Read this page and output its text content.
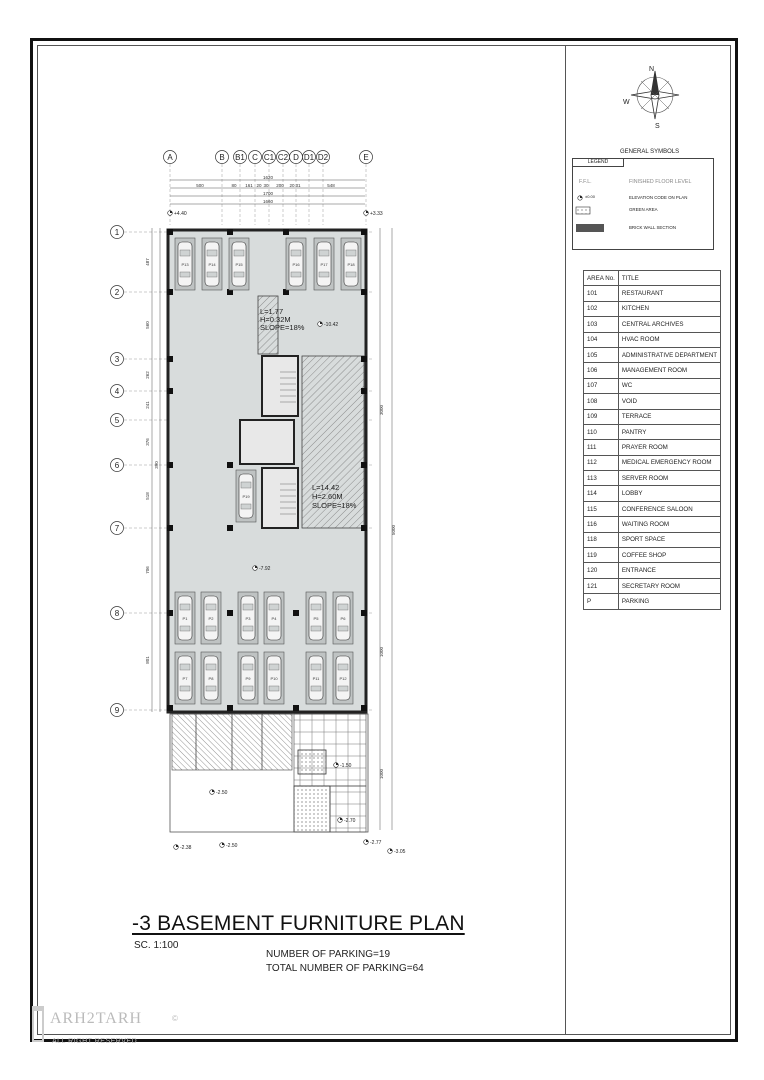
P13	P14	P15	P16	P17	P18
P19
P1	P2	P3	P4	P5	P6
P7	P8	P9	P10	P11	P12
L=1.77
H=0.32M
SLOPE=18%
L=14.42
H=2.60M
SLOPE=18%
+4.40	+3.33
-10.42
-7.92
-1.50
-2.50
-2.70
-2.38	-2.50	-2.77
-3.05
500	80 161 20 30 200 20 31	548
1620
1700
1660
487
560
262
241
376
518
706
801
390
3000
5000
1000
1000
A	B B1 C C1 C2 D D1 D2	E
1
2
3
4
5
6
7
8
9
N
S
W
-3 BASEMENT FURNITURE PLAN
SC. 1:100
NUMBER OF PARKING=19
TOTAL NUMBER OF PARKING=64
GENERAL SYMBOLS
LEGEND
F.F.L.	FINISHED FLOOR LEVEL
±0.00	ELEVATION CODE ON PLAN
GREEN AREA
BRICK WALL SECTION
AREA No.	TITLE
101	RESTAURANT
102	KITCHEN
103	CENTRAL ARCHIVES
104	HVAC ROOM
105	ADMINISTRATIVE DEPARTMENT
106	MANAGEMENT ROOM
107	WC
108	VOID
109	TERRACE
110	PANTRY
111	PRAYER ROOM
112	MEDICAL EMERGENCY ROOM
113	SERVER ROOM
114	LOBBY
115	CONFERENCE SALOON
116	WAITING ROOM
118	SPORT SPACE
119	COFFEE SHOP
120	ENTRANCE
121	SECRETARY ROOM
P	PARKING
ARH2TARH	©
ALL RIGHT RESERVED
